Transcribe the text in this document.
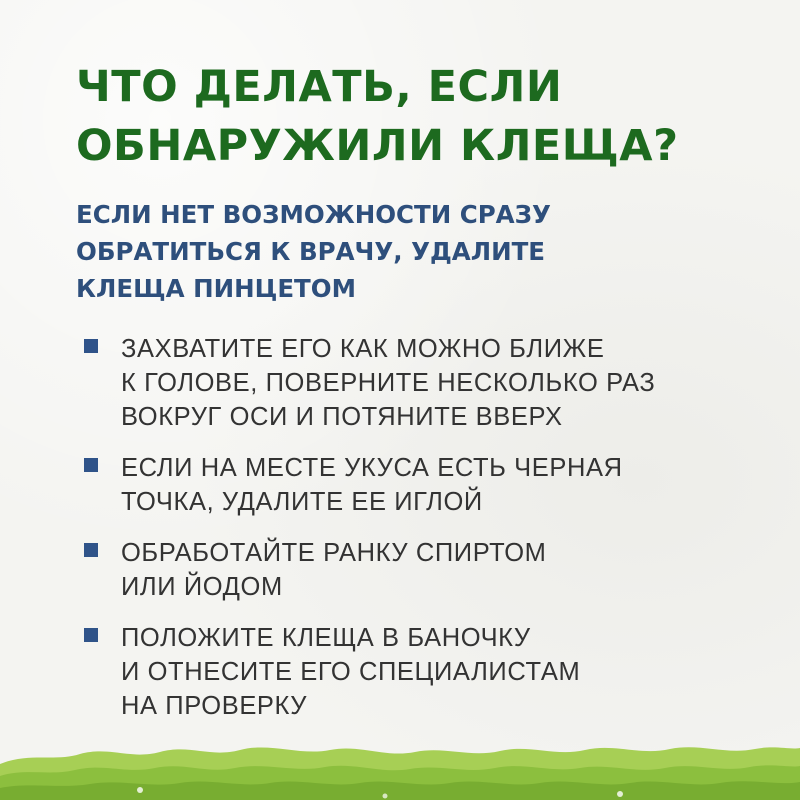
ЧТО ДЕЛАТЬ, ЕСЛИ
ОБНАРУЖИЛИ КЛЕЩА?
ЕСЛИ НЕТ ВОЗМОЖНОСТИ СРАЗУ
ОБРАТИТЬСЯ К ВРАЧУ, УДАЛИТЕ
КЛЕЩА ПИНЦЕТОМ
ЗАХВАТИТЕ ЕГО КАК МОЖНО БЛИЖЕ
К ГОЛОВЕ, ПОВЕРНИТЕ НЕСКОЛЬКО РАЗ
ВОКРУГ ОСИ И ПОТЯНИТЕ ВВЕРХ
ЕСЛИ НА МЕСТЕ УКУСА ЕСТЬ ЧЕРНАЯ
ТОЧКА, УДАЛИТЕ ЕЕ ИГЛОЙ
ОБРАБОТАЙТЕ РАНКУ СПИРТОМ
ИЛИ ЙОДОМ
ПОЛОЖИТЕ КЛЕЩА В БАНОЧКУ
И ОТНЕСИТЕ ЕГО СПЕЦИАЛИСТАМ
НА ПРОВЕРКУ
